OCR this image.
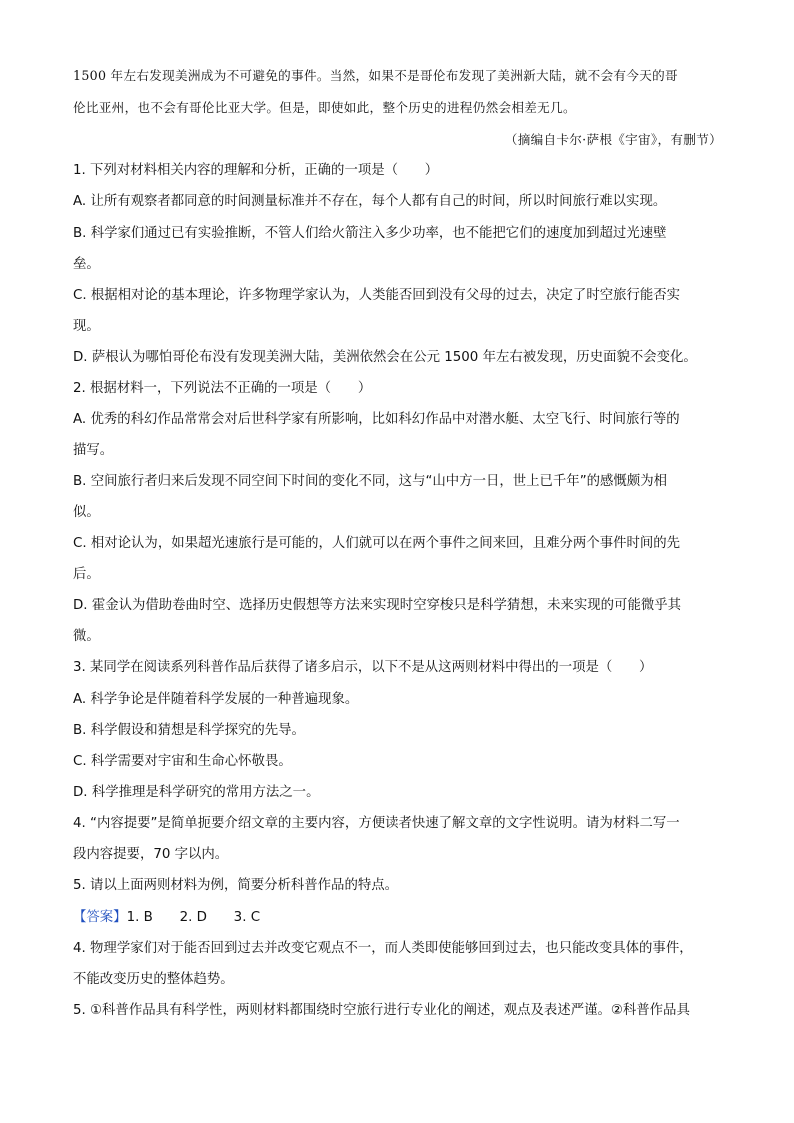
1500 年左右发现美洲成为不可避免的事件。当然，如果不是哥伦布发现了美洲新大陆，就不会有今天的哥
伦比亚州，也不会有哥伦比亚大学。但是，即使如此，整个历史的进程仍然会相差无几。
（摘编自卡尔·萨根《宇宙》，有删节）
1. 下列对材料相关内容的理解和分析，正确的一项是（　　）
A. 让所有观察者都同意的时间测量标准并不存在，每个人都有自己的时间，所以时间旅行难以实现。
B. 科学家们通过已有实验推断，不管人们给火箭注入多少功率，也不能把它们的速度加到超过光速壁
垒。
C. 根据相对论的基本理论，许多物理学家认为，人类能否回到没有父母的过去，决定了时空旅行能否实
现。
D. 萨根认为哪怕哥伦布没有发现美洲大陆，美洲依然会在公元 1500 年左右被发现，历史面貌不会变化。
2. 根据材料一，下列说法不正确的一项是（　　）
A. 优秀的科幻作品常常会对后世科学家有所影响，比如科幻作品中对潜水艇、太空飞行、时间旅行等的
描写。
B. 空间旅行者归来后发现不同空间下时间的变化不同，这与“山中方一日，世上已千年”的感慨颇为相
似。
C. 相对论认为，如果超光速旅行是可能的，人们就可以在两个事件之间来回，且难分两个事件时间的先
后。
D. 霍金认为借助卷曲时空、选择历史假想等方法来实现时空穿梭只是科学猜想，未来实现的可能微乎其
微。
3. 某同学在阅读系列科普作品后获得了诸多启示，以下不是从这两则材料中得出的一项是（　　）
A. 科学争论是伴随着科学发展的一种普遍现象。
B. 科学假设和猜想是科学探究的先导。
C. 科学需要对宇宙和生命心怀敬畏。
D. 科学推理是科学研究的常用方法之一。
4. “内容提要”是简单扼要介绍文章的主要内容，方便读者快速了解文章的文字性说明。请为材料二写一
段内容提要，70 字以内。
5. 请以上面两则材料为例，简要分析科普作品的特点。
【答案】1. B　　2. D　　3. C
4. 物理学家们对于能否回到过去并改变它观点不一，而人类即使能够回到过去，也只能改变具体的事件，
不能改变历史的整体趋势。
5. ①科普作品具有科学性，两则材料都围绕时空旅行进行专业化的阐述，观点及表述严谨。②科普作品具
